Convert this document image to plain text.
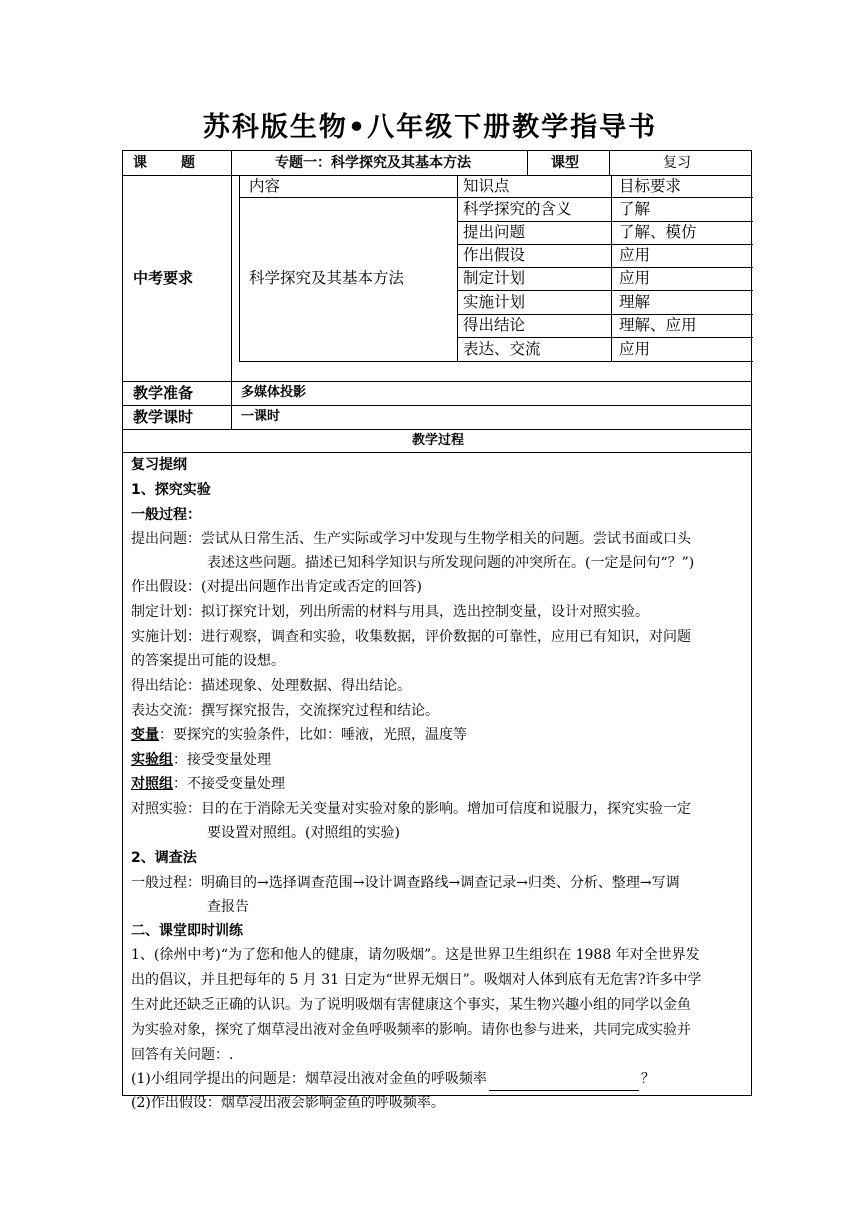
苏科版生物•八年级下册教学指导书
课　　题	专题一：科学探究及其基本方法	课型	复习
中考要求
内容	知识点	目标要求
科学探究及其基本方法
科学探究的含义	了解
提出问题	了解、模仿
作出假设	应用
制定计划	应用
实施计划	理解
得出结论	理解、应用
表达、交流	应用
教学准备	多媒体投影
教学课时	一课时
教学过程
复习提纲
1、探究实验
一般过程：
提出问题：尝试从日常生活、生产实际或学习中发现与生物学相关的问题。尝试书面或口头
表述这些问题。描述已知科学知识与所发现问题的冲突所在。(一定是问句“？”)
作出假设：(对提出问题作出肯定或否定的回答)
制定计划：拟订探究计划，列出所需的材料与用具，选出控制变量，设计对照实验。
实施计划：进行观察，调查和实验，收集数据，评价数据的可靠性，应用已有知识，对问题
的答案提出可能的设想。
得出结论：描述现象、处理数据、得出结论。
表达交流：撰写探究报告，交流探究过程和结论。
变量：要探究的实验条件，比如：唾液，光照，温度等
实验组：接受变量处理
对照组：不接受变量处理
对照实验：目的在于消除无关变量对实验对象的影响。增加可信度和说服力，探究实验一定
要设置对照组。(对照组的实验)
2、调查法
一般过程：明确目的→选择调查范围→设计调查路线→调查记录→归类、分析、整理→写调
查报告
二、课堂即时训练
1、(徐州中考)“为了您和他人的健康，请勿吸烟”。这是世界卫生组织在 1988 年对全世界发
出的倡议，并且把每年的 5 月 31 日定为“世界无烟日”。吸烟对人体到底有无危害?许多中学
生对此还缺乏正确的认识。为了说明吸烟有害健康这个事实，某生物兴趣小组的同学以金鱼
为实验对象，探究了烟草浸出液对金鱼呼吸频率的影响。请你也参与进来，共同完成实验并
回答有关问题：.
(1)小组同学提出的问题是：烟草浸出液对金鱼的呼吸频率	？
(2)作出假设：烟草浸出液会影响金鱼的呼吸频率。
